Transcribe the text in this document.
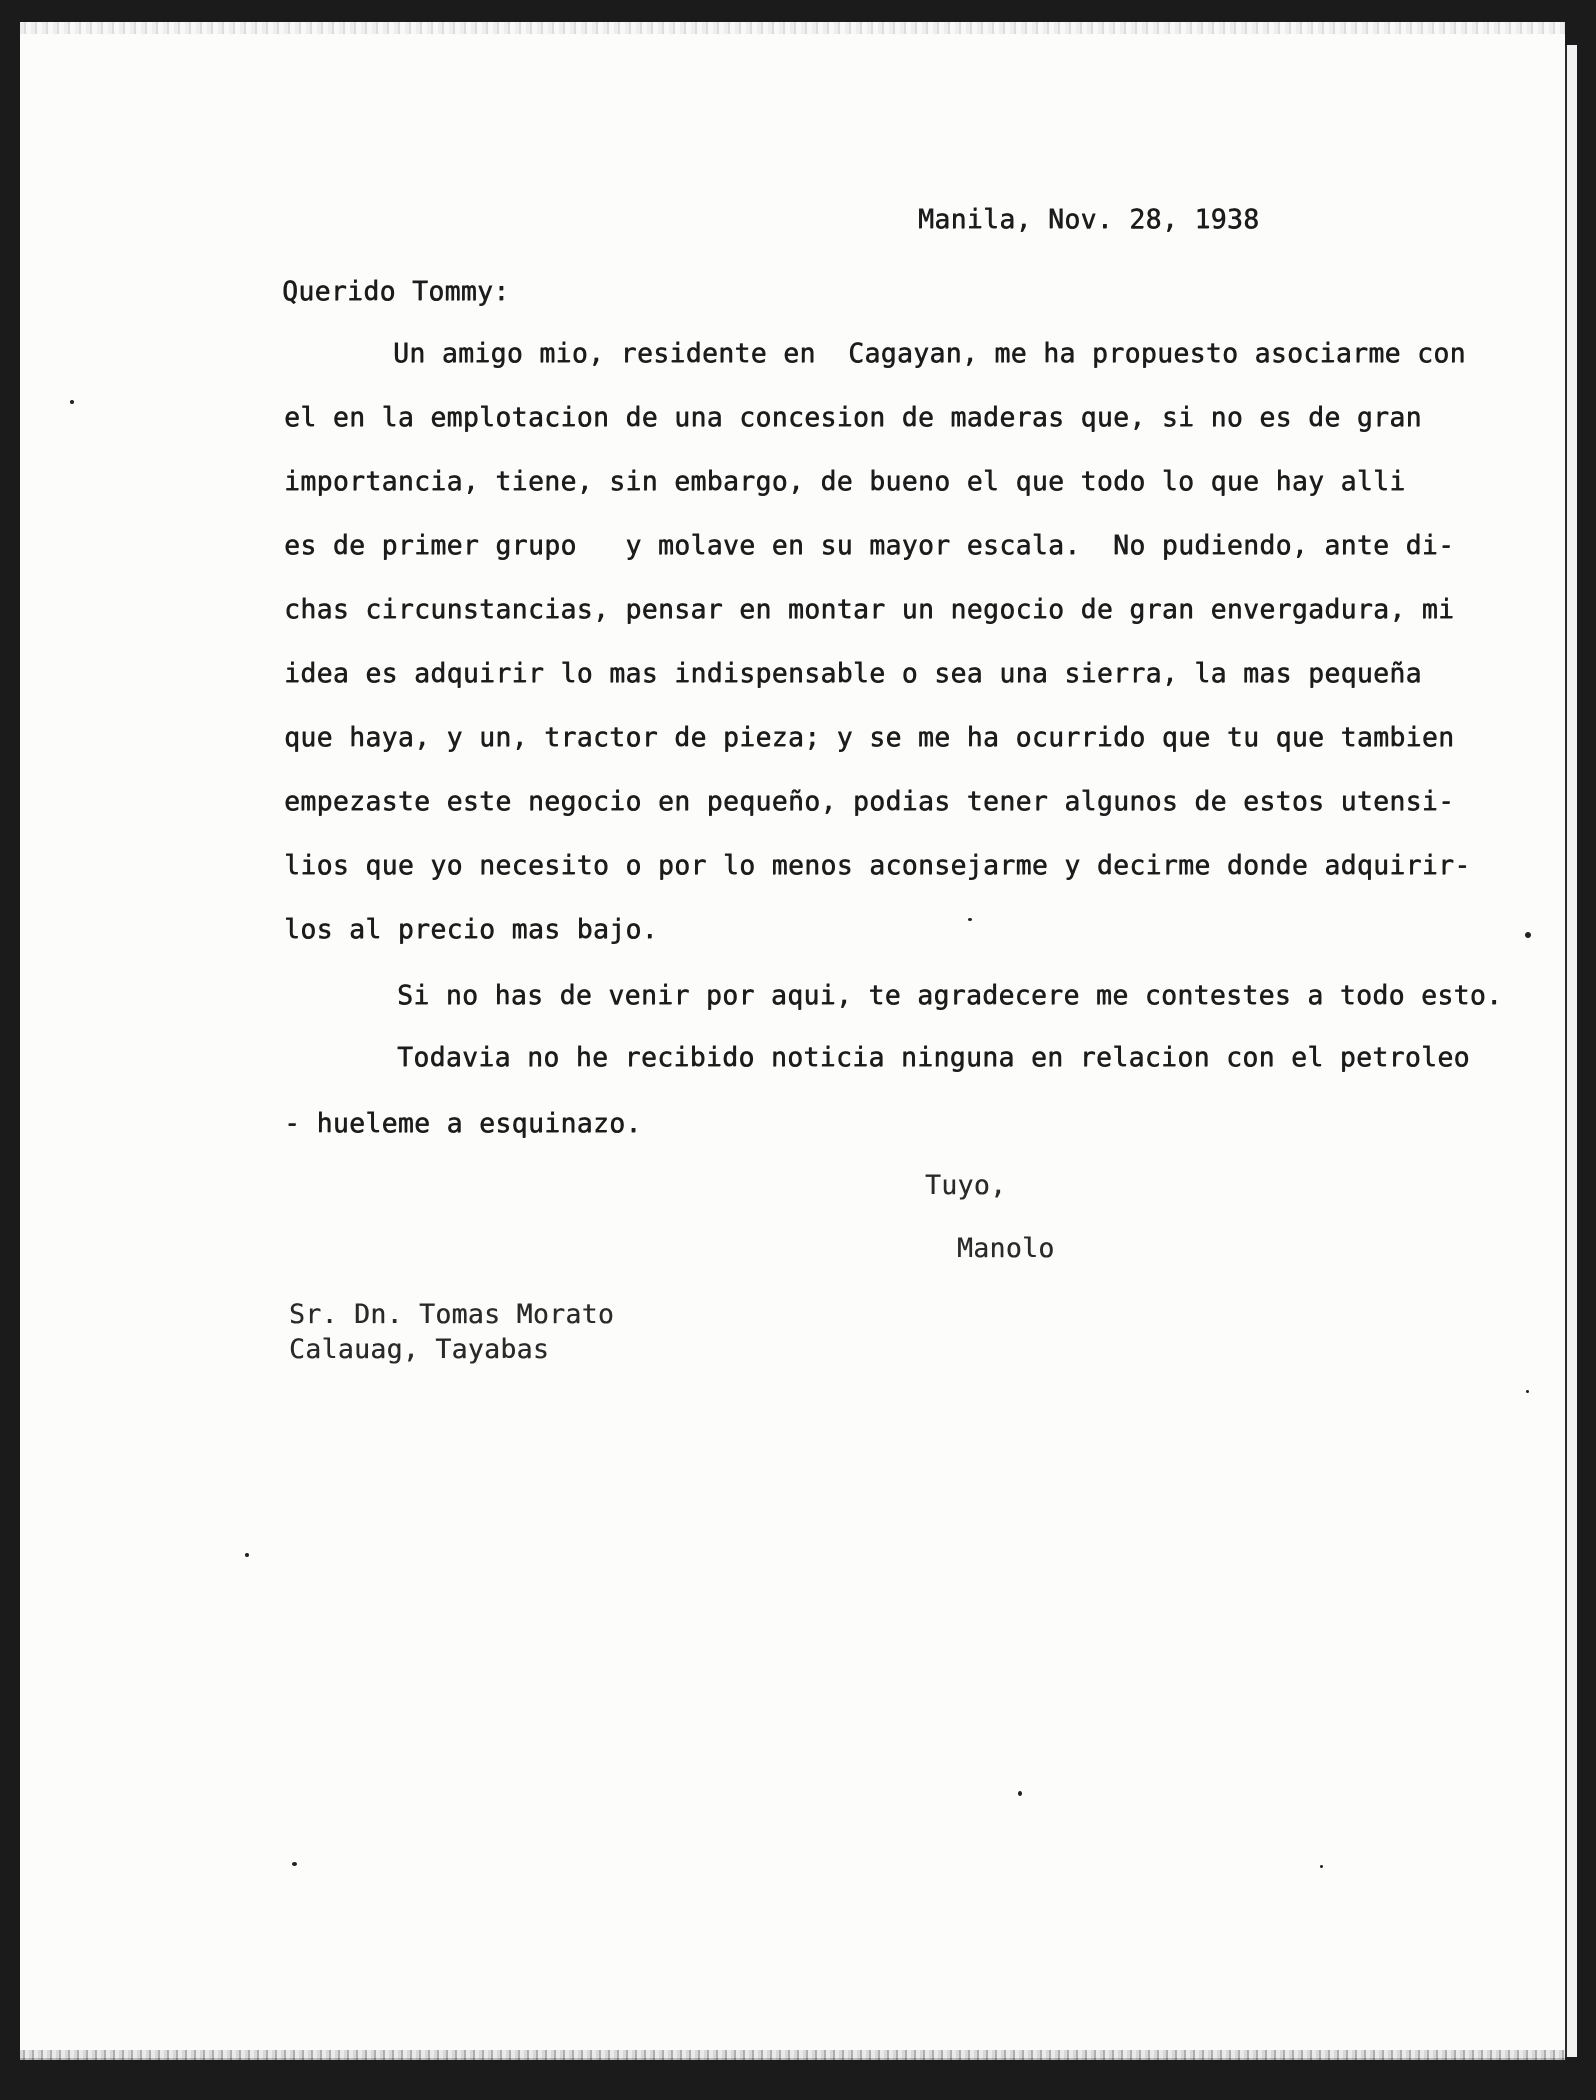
Manila, Nov. 28, 1938
Querido Tommy:
Un amigo mio, residente en  Cagayan, me ha propuesto asociarme con
el en la emplotacion de una concesion de maderas que, si no es de gran
importancia, tiene, sin embargo, de bueno el que todo lo que hay alli
es de primer grupo   y molave en su mayor escala.  No pudiendo, ante di-
chas circunstancias, pensar en montar un negocio de gran envergadura, mi
idea es adquirir lo mas indispensable o sea una sierra, la mas pequeña
que haya, y un, tractor de pieza; y se me ha ocurrido que tu que tambien
empezaste este negocio en pequeño, podias tener algunos de estos utensi-
lios que yo necesito o por lo menos aconsejarme y decirme donde adquirir-
los al precio mas bajo.
Si no has de venir por aqui, te agradecere me contestes a todo esto.
Todavia no he recibido noticia ninguna en relacion con el petroleo
- hueleme a esquinazo.
Tuyo,
Manolo
Sr. Dn. Tomas Morato
Calauag, Tayabas
